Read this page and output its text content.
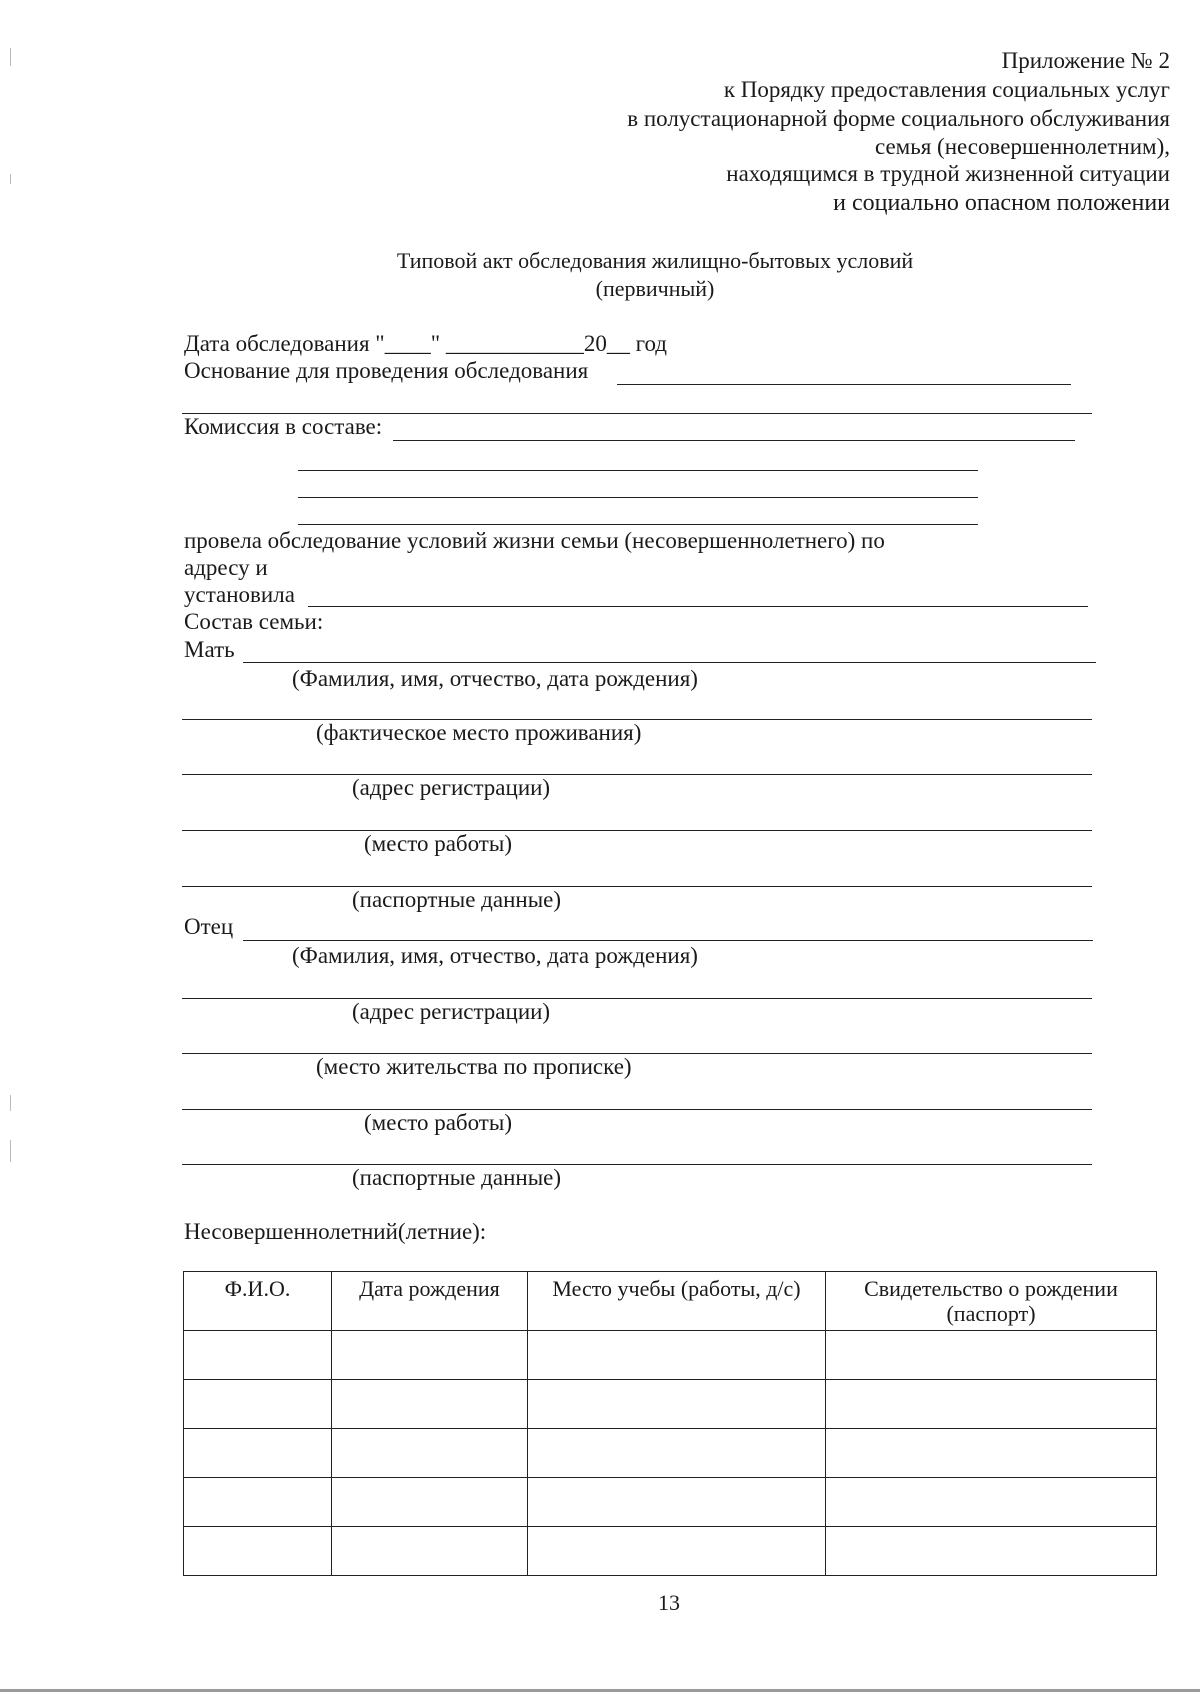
Приложение № 2
к Порядку предоставления социальных услуг
в полустационарной форме социального обслуживания
семья (несовершеннолетним),
находящимся в трудной жизненной ситуации
и социально опасном положении
Типовой акт обследования жилищно-бытовых условий
(первичный)
Дата обследования "____" ____________20__ год
Основание для проведения обследования
Комиссия в составе:
провела обследование условий жизни семьи (несовершеннолетнего) по
адресу и
установила
Состав семьи:
Мать
(Фамилия, имя, отчество, дата рождения)
(фактическое место проживания)
(адрес регистрации)
(место работы)
(паспортные данные)
Отец
(Фамилия, имя, отчество, дата рождения)
(адрес регистрации)
(место жительства по прописке)
(место работы)
(паспортные данные)
Несовершеннолетний(летние):
Ф.И.О.	Дата рождения	Место учебы (работы, д/с)	Свидетельство о рождении (паспорт)

13
